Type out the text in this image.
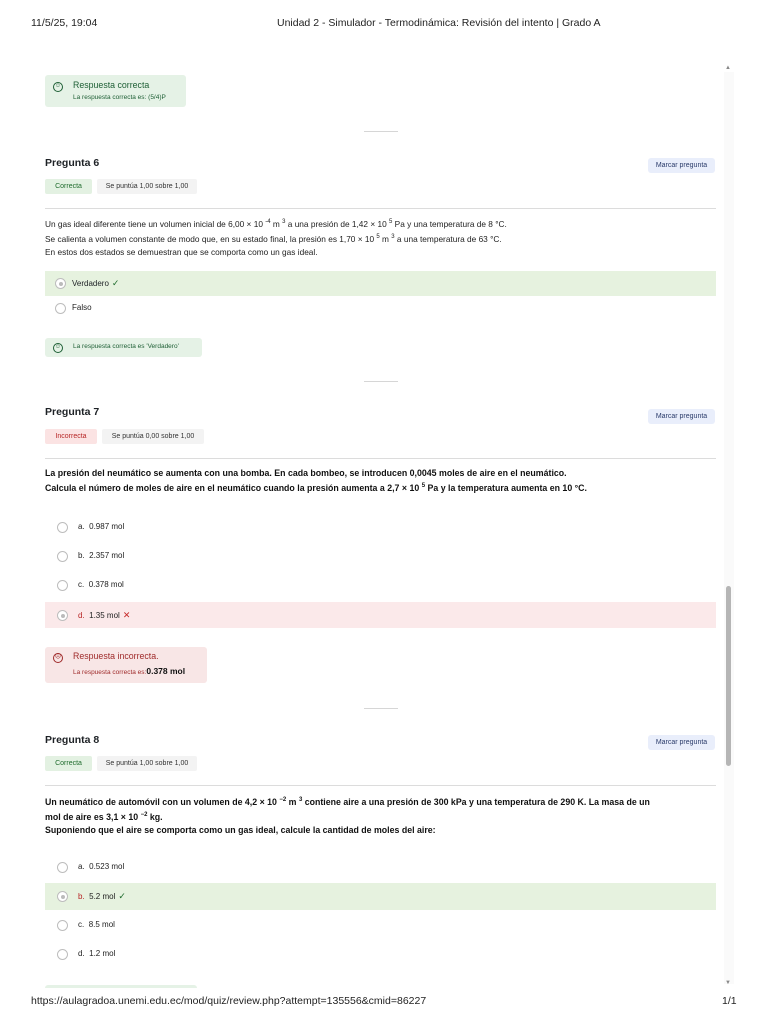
11/5/25, 19:04	Unidad 2 - Simulador - Termodinámica: Revisión del intento | Grado A
☺ Respuesta correcta
La respuesta correcta es: (5/4)P
Pregunta 6	Marcar pregunta
Correcta	Se puntúa 1,00 sobre 1,00
Un gas ideal diferente tiene un volumen inicial de 6,00 × 10 $^{-4}$ m $^3$ a una presión de 1,42 × 10 $^5$ Pa y una temperatura de 8 °C.
Se calienta a volumen constante de modo que, en su estado final, la presión es 1,70 × 10 $^5$ m $^3$ a una temperatura de 63 °C.
En estos dos estados se demuestran que se comporta como un gas ideal.
Verdadero ✓
Falso
☺ La respuesta correcta es 'Verdadero'
Pregunta 7	Marcar pregunta
Incorrecta	Se puntúa 0,00 sobre 1,00
La presión del neumático se aumenta con una bomba. En cada bombeo, se introducen 0,0045 moles de aire en el neumático.
Calcula el número de moles de aire en el neumático cuando la presión aumenta a 2,7 × 10 $^5$ Pa y la temperatura aumenta en 10 °C.
a. 0.987 mol
b. 2.357 mol
c. 0.378 mol
d. 1.35 mol ✕
☹ Respuesta incorrecta.
La respuesta correcta es:0.378 mol
Pregunta 8	Marcar pregunta
Correcta	Se puntúa 1,00 sobre 1,00
Un neumático de automóvil con un volumen de 4,2 × 10 $^{-2}$ m $^3$ contiene aire a una presión de 300 kPa y una temperatura de 290 K. La masa de un
mol de aire es 3,1 × 10 $^{-2}$ kg.
Suponiendo que el aire se comporta como un gas ideal, calcule la cantidad de moles del aire:
a. 0.523 mol
b. 5.2 mol ✓
c. 8.5 mol
d. 1.2 mol
▲
▼
https://aulagradoa.unemi.edu.ec/mod/quiz/review.php?attempt=135556&cmid=86227	1/1
